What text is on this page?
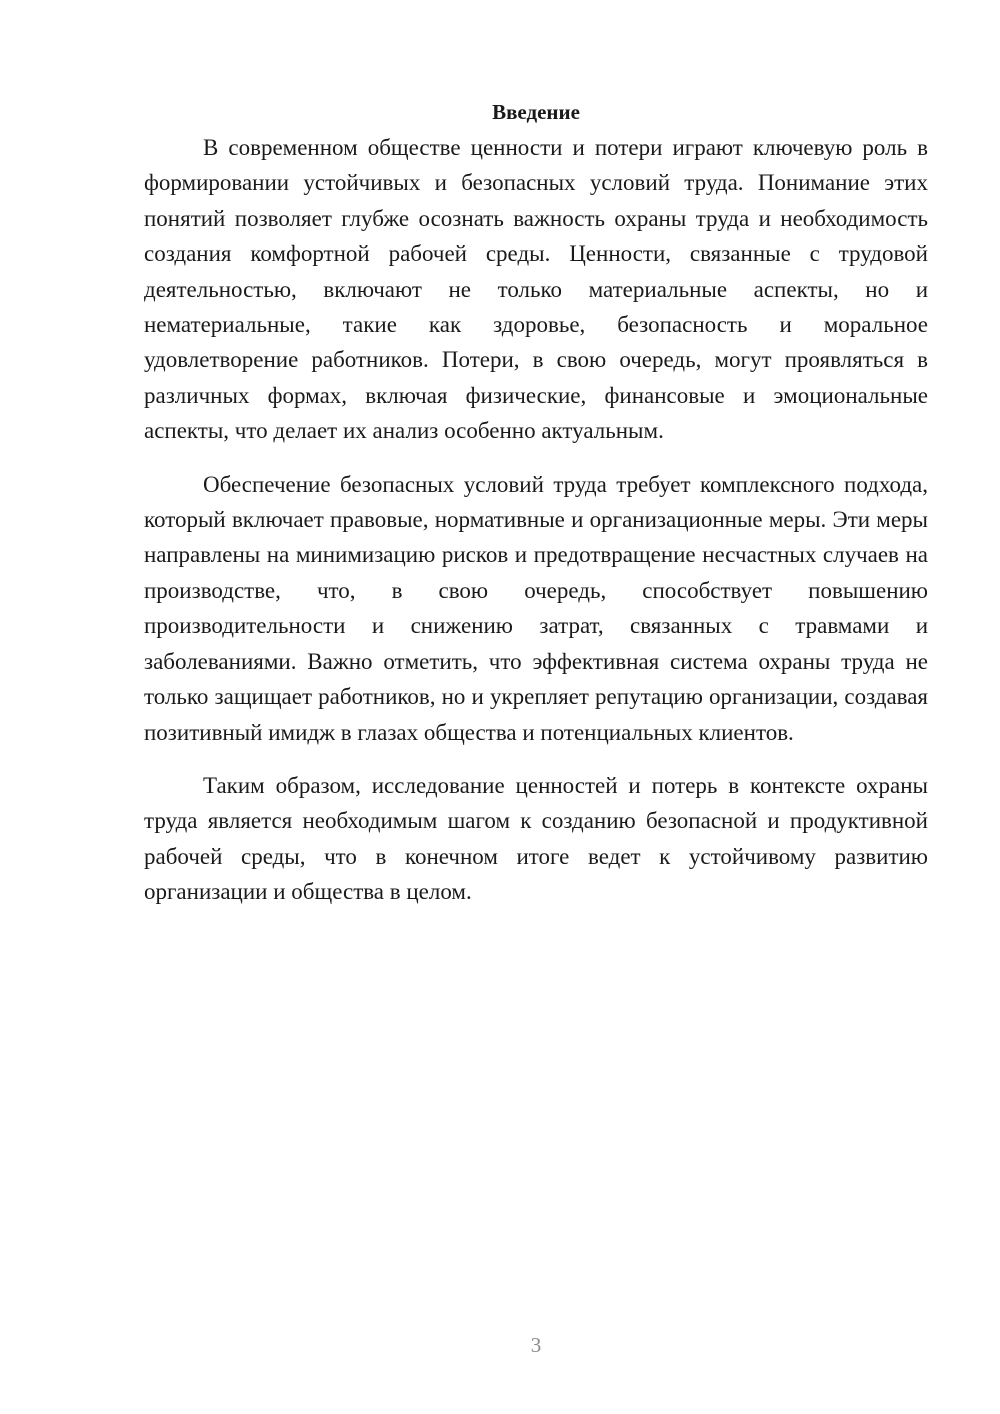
Введение

В современном обществе ценности и потери играют ключевую роль в формировании устойчивых и безопасных условий труда. Понимание этих понятий позволяет глубже осознать важность охраны труда и необходимость создания комфортной рабочей среды. Ценности, связанные с трудовой деятельностью, включают не только материальные аспекты, но и нематериальные, такие как здоровье, безопасность и моральное удовлетворение работников. Потери, в свою очередь, могут проявляться в различных формах, включая физические, финансовые и эмоциональные аспекты, что делает их анализ особенно актуальным.

Обеспечение безопасных условий труда требует комплексного подхода, который включает правовые, нормативные и организационные меры. Эти меры направлены на минимизацию рисков и предотвращение несчастных случаев на производстве, что, в свою очередь, способствует повышению производительности и снижению затрат, связанных с травмами и заболеваниями. Важно отметить, что эффективная система охраны труда не только защищает работников, но и укрепляет репутацию организации, создавая позитивный имидж в глазах общества и потенциальных клиентов.

Таким образом, исследование ценностей и потерь в контексте охраны труда является необходимым шагом к созданию безопасной и продуктивной рабочей среды, что в конечном итоге ведет к устойчивому развитию организации и общества в целом.

3
